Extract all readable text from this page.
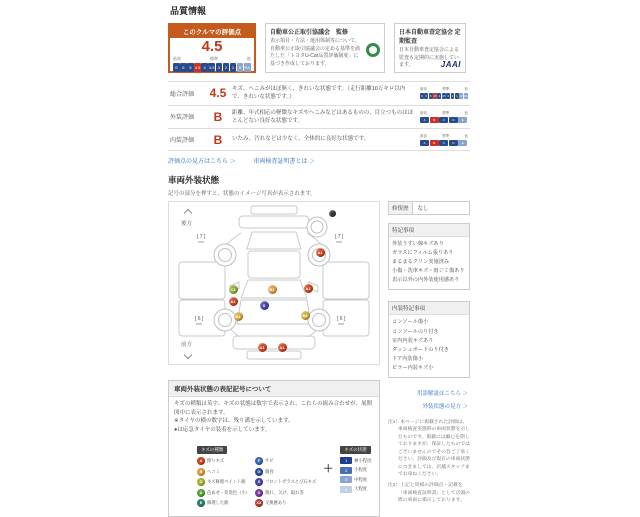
品質情報
このクルマの評価点
4.5
最高	標準	低
S	6	5 4.5 4 3.5 3	2	1	R RA
自動車公正取引協議会　監修
表示項目・方法・運用体制等について、自動車公正取引協議会の定める基準を満たした「トヨタU-Car品質評価制度」に基づき作成しております。
日本自動車査定協会 定期監査
日本自動車査定協会による監査も定期的に実施しています。	JAAI
総合評価	4.5	キズ、へこみがほぼ無く、きれいな状態です。（走行距離10万キロ以内で、きれいな状態です。）
最高	標準	低
S 6 5 4.5 4 3.5 3 2 1 R RA
外装評価	B	距離、年式相応の軽微なキズやへこみなどはあるものの、目立つものはほとんどない良好な状態です。
最高	標準	低
A	B	C	D	E
内装評価	B	いたみ、汚れなどは少なく、全体的に良好な状態です。
最高	標準	低
A	B	C	D	E
評価点の見方はこちら ＞	車両検査証明書とは ＞
車両外装状態
記号の部分を押すと、状態のイメージ写真が表示されます。
後方
前方
[ 7 ]
mm
[ 7 ]
mm
[ 6 ]
mm
[ 6 ]
mm
A1
C1
A1
B1	A1
S
B1	B1
A1	A1
車両外装状態の表記記号について
キズの種類は英字、キズの状態は数字で表示され、これらの組み合わせが、展開図中に表示されます。
※タイヤの横の数字は、残り溝を示しています。
●は応急タイヤの装着を示しています。
キズの種類
A	擦りキズ
B	ヘコミ
C	キズ修理ペイント跡
D	色あせ・変退色（小）
E	修理した跡
F	サビ
G	腐食
S	フロントガラスとび石キズ
X	割れ、欠け、取れ等
XX 交換歴あり
＋
キズの状態
1	極小程度
2	小程度
3	中程度
4	大程度
修復歴	なし
特記事項
外装うすい線キズあり
ガラスにフィルム張りあり
まるまるクリン実施済み
小傷・洗車キズ・雨ジミ傷あり
表示以外の内外装使用感あり
内装特記事項
コンソール傷小
コンソールのり付き
室内内装キズあり
ダッシュボードのり付き
ドア内装傷小
ピラー内装キズ小
用語解説はこちら ＞
外装状態の見方 ＞

注1）本ページに掲載された評価は、車両検査実施時の車両状態を示したものです。掲載には細心を期しておりますが、保証したものではございませんのでその旨ご了承ください。評価及び現在の車両状態につきましては、店舗スタッフまでお尋ねください。

注2）上記と同様の評価点・記載を「車両検査証明書」として店頭の際の車両に掲示しております。
